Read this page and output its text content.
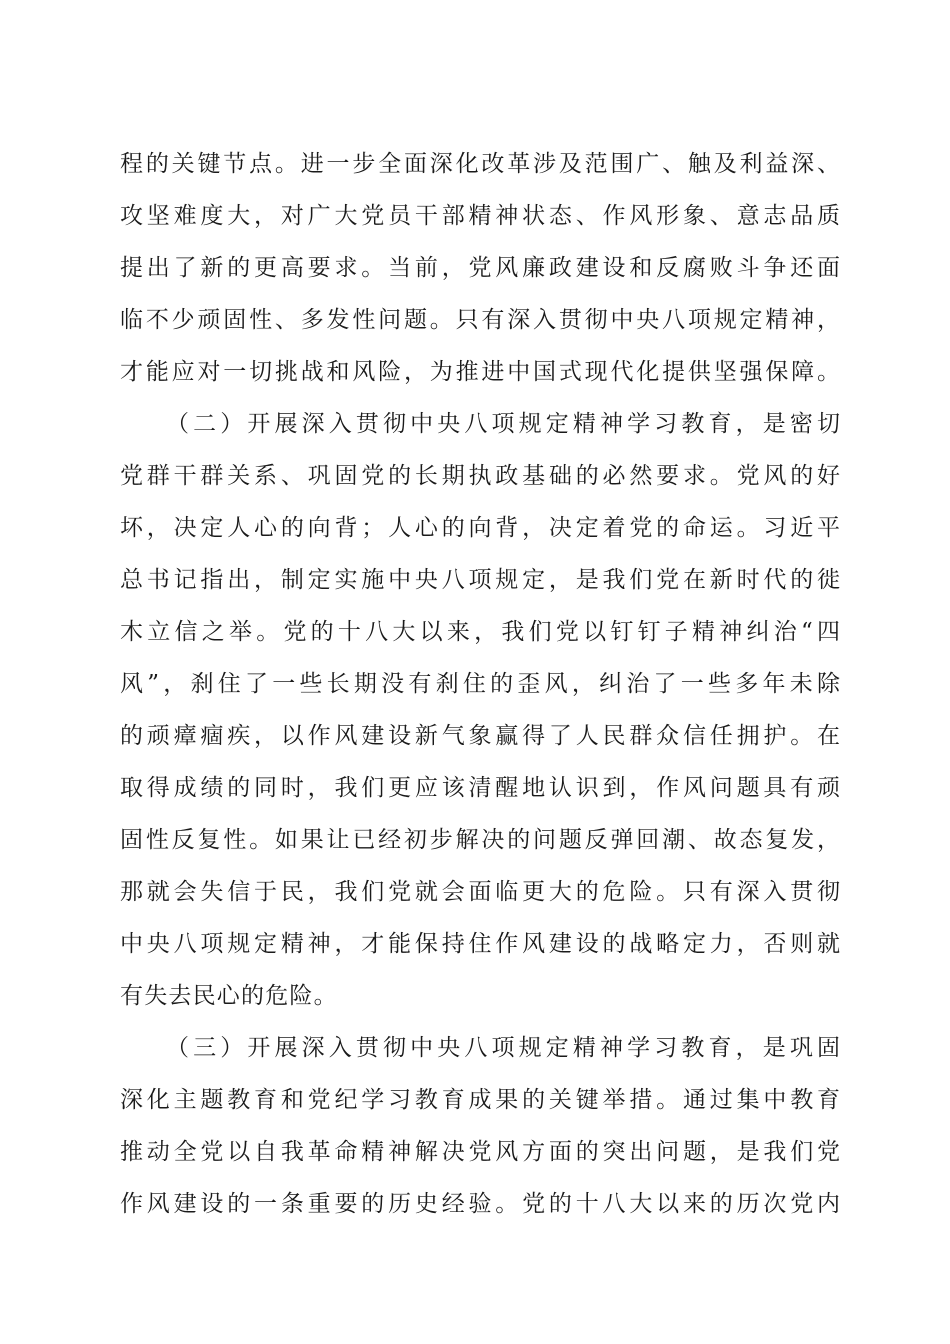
程的关键节点。进一步全面深化改革涉及范围广、触及利益深、
攻坚难度大，对广大党员干部精神状态、作风形象、意志品质
提出了新的更高要求。当前，党风廉政建设和反腐败斗争还面
临不少顽固性、多发性问题。只有深入贯彻中央八项规定精神，
才能应对一切挑战和风险，为推进中国式现代化提供坚强保障。
（二）开展深入贯彻中央八项规定精神学习教育，是密切
党群干群关系、巩固党的长期执政基础的必然要求。党风的好
坏，决定人心的向背；人心的向背，决定着党的命运。习近平
总书记指出，制定实施中央八项规定，是我们党在新时代的徙
木立信之举。党的十八大以来，我们党以钉钉子精神纠治“四
风”，刹住了一些长期没有刹住的歪风，纠治了一些多年未除
的顽瘴痼疾，以作风建设新气象赢得了人民群众信任拥护。在
取得成绩的同时，我们更应该清醒地认识到，作风问题具有顽
固性反复性。如果让已经初步解决的问题反弹回潮、故态复发，
那就会失信于民，我们党就会面临更大的危险。只有深入贯彻
中央八项规定精神，才能保持住作风建设的战略定力，否则就
有失去民心的危险。
（三）开展深入贯彻中央八项规定精神学习教育，是巩固
深化主题教育和党纪学习教育成果的关键举措。通过集中教育
推动全党以自我革命精神解决党风方面的突出问题，是我们党
作风建设的一条重要的历史经验。党的十八大以来的历次党内
